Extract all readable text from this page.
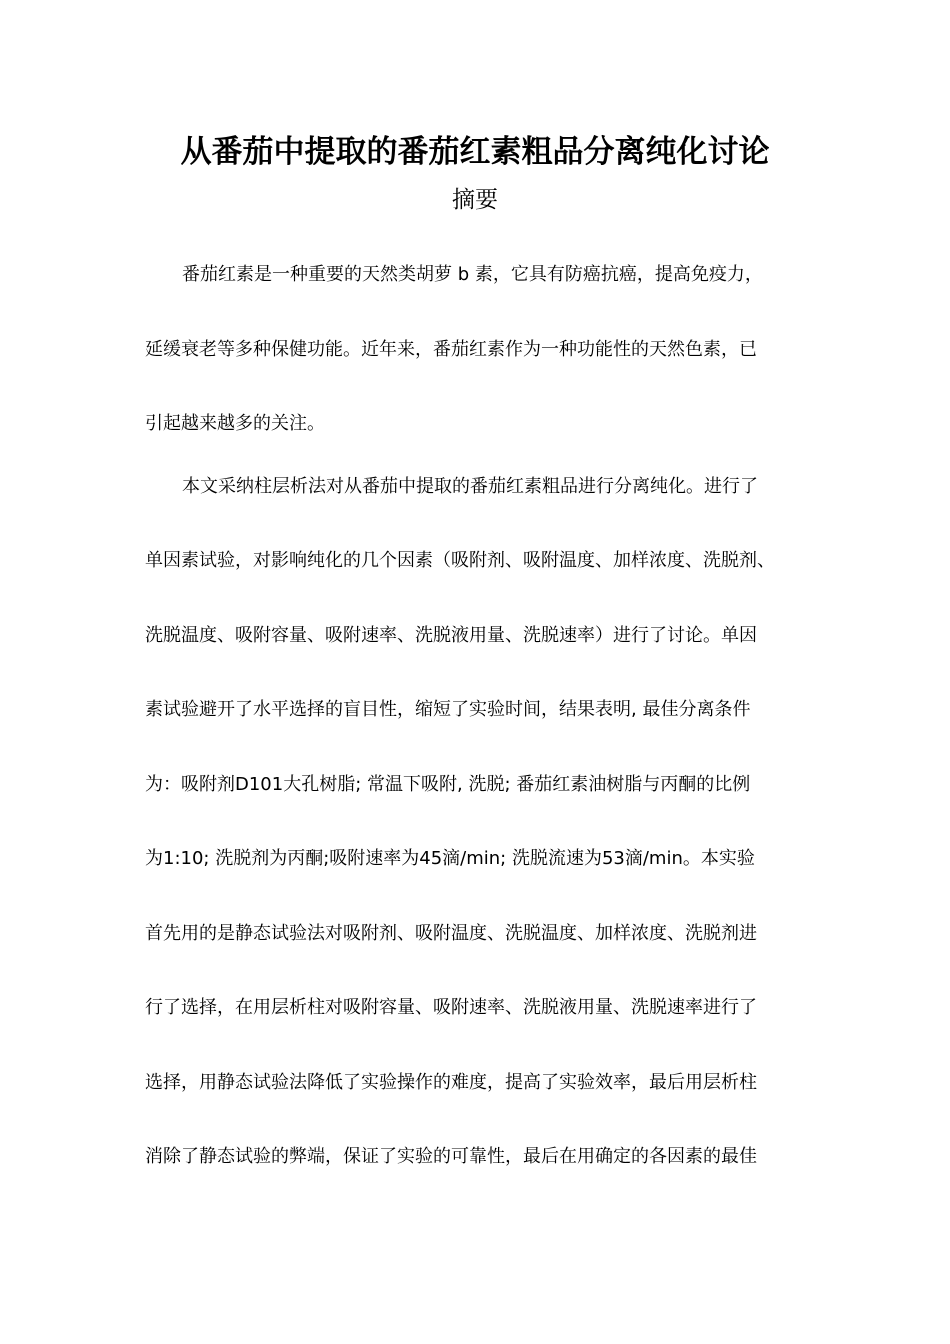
从番茄中提取的番茄红素粗品分离纯化讨论
摘要
番茄红素是一种重要的天然类胡萝 b 素，它具有防癌抗癌，提高免疫力，
延缓衰老等多种保健功能。近年来，番茄红素作为一种功能性的天然色素，已
引起越来越多的关注。
本文采纳柱层析法对从番茄中提取的番茄红素粗品进行分离纯化。进行了
单因素试验，对影响纯化的几个因素（吸附剂、吸附温度、加样浓度、洗脱剂、
洗脱温度、吸附容量、吸附速率、洗脱液用量、洗脱速率）进行了讨论。单因
素试验避开了水平选择的盲目性，缩短了实验时间，结果表明, 最佳分离条件
为：吸附剂D101大孔树脂; 常温下吸附, 洗脱; 番茄红素油树脂与丙酮的比例
为1:10; 洗脱剂为丙酮;吸附速率为45滴/min; 洗脱流速为53滴/min。本实验
首先用的是静态试验法对吸附剂、吸附温度、洗脱温度、加样浓度、洗脱剂进
行了选择，在用层析柱对吸附容量、吸附速率、洗脱液用量、洗脱速率进行了
选择，用静态试验法降低了实验操作的难度，提高了实验效率，最后用层析柱
消除了静态试验的弊端，保证了实验的可靠性，最后在用确定的各因素的最佳
